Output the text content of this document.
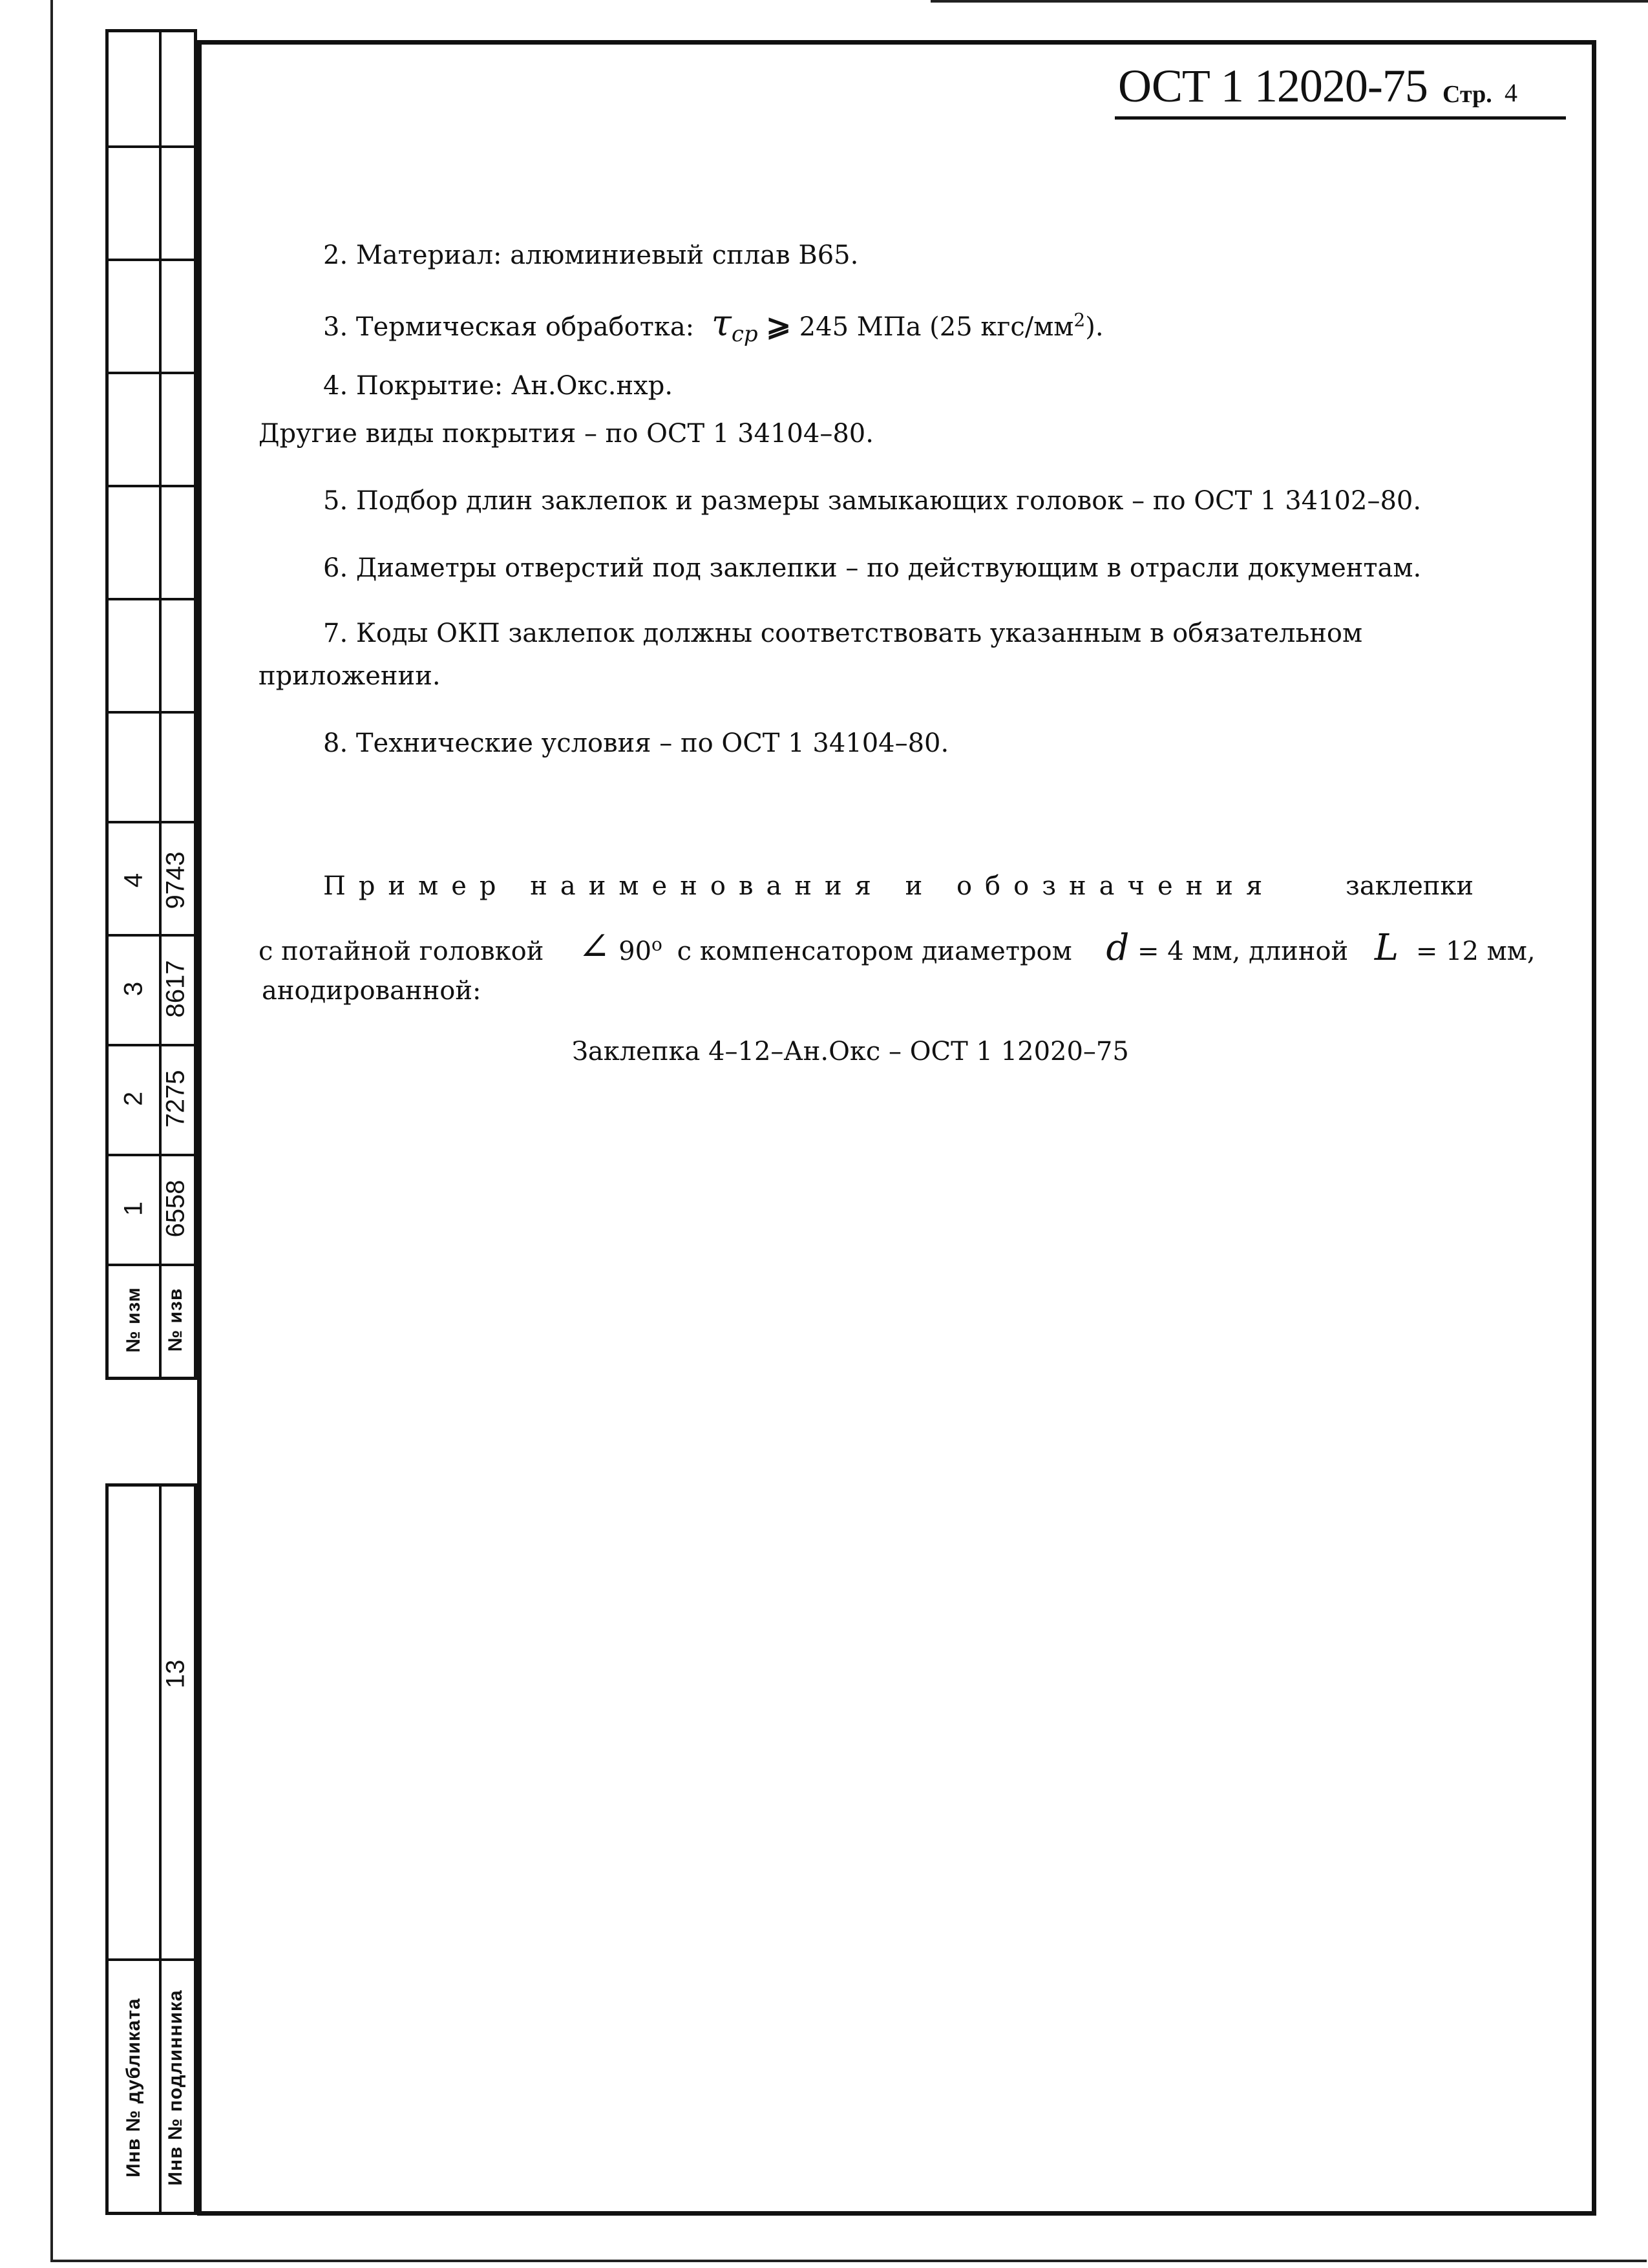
4 9743
3 8617
2 7275
1 6558
№ изм № изв
13
Инв № дубликата Инв № подлинника
ОСТ 1 12020-75 Стр. 4
2. Материал: алюминиевый сплав В65.
3. Термическая обработка: $\tau_{ср}$ ⩾ 245 МПа (25 кгс/$мм^2$).
4. Покрытие: Ан.Окс.нхр.
Другие виды покрытия – по ОСТ 1 34104–80.
5. Подбор длин заклепок и размеры замыкающих головок – по ОСТ 1 34102–80.
6. Диаметры отверстий под заклепки – по действующим в отрасли документам.
7. Коды ОКП заклепок должны соответствовать указанным в обязательном
приложении.
8. Технические условия – по ОСТ 1 34104–80.
Пример наименования и обозначения	заклепки
с потайной головкой ∠ 90$^o$ с компенсатором диаметром d = 4 мм, длиной L = 12 мм,
анодированной:
Заклепка 4–12–Ан.Окс – ОСТ 1 12020–75
